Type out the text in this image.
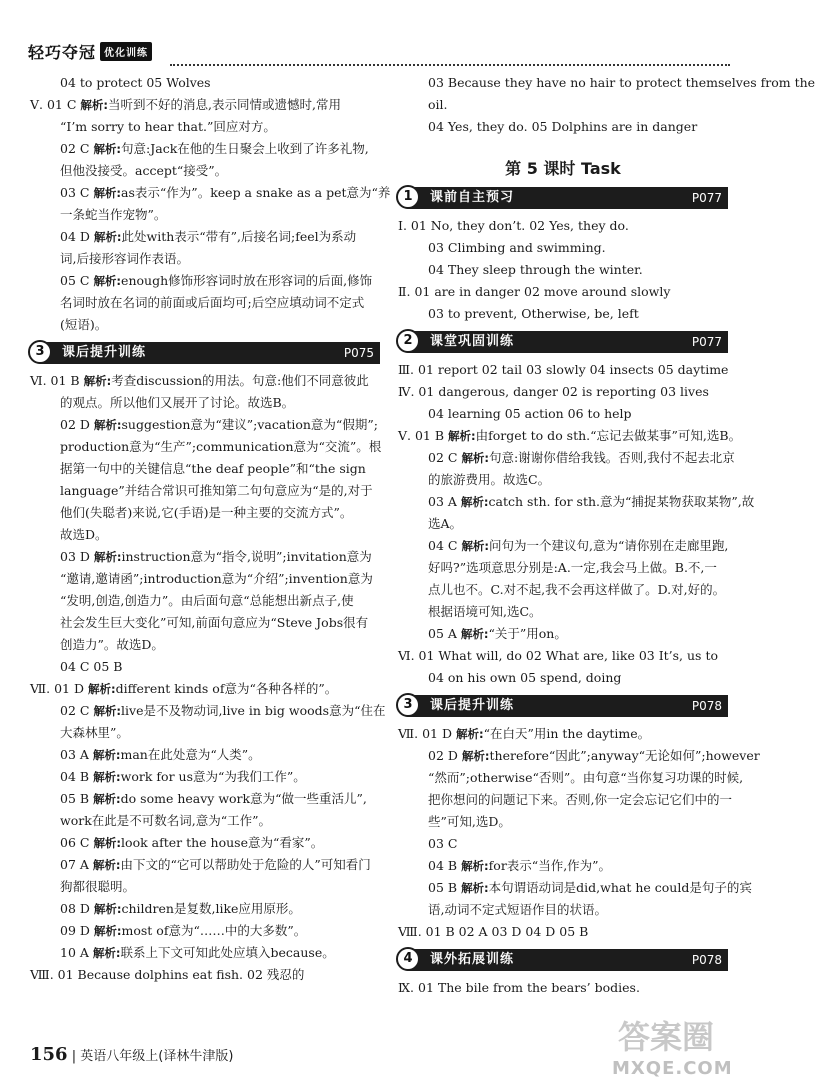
轻巧夺冠 优化训练
04 to protect 05 Wolves
Ⅴ. 01 C 解析:当听到不好的消息,表示同情或遗憾时,常用
“I’m sorry to hear that.”回应对方。
02 C 解析:句意:Jack在他的生日聚会上收到了许多礼物,
但他没接受。accept“接受”。
03 C 解析:as表示“作为”。keep a snake as a pet意为“养
一条蛇当作宠物”。
04 D 解析:此处with表示“带有”,后接名词;feel为系动
词,后接形容词作表语。
05 C 解析:enough修饰形容词时放在形容词的后面,修饰
名词时放在名词的前面或后面均可;后空应填动词不定式
(短语)。
3	课后提升训练	P075
Ⅵ. 01 B 解析:考查discussion的用法。句意:他们不同意彼此
的观点。所以他们又展开了讨论。故选B。
02 D 解析:suggestion意为“建议”;vacation意为“假期”;
production意为“生产”;communication意为“交流”。根
据第一句中的关键信息“the deaf people”和“the sign
language”并结合常识可推知第二句句意应为“是的,对于
他们(失聪者)来说,它(手语)是一种主要的交流方式”。
故选D。
03 D 解析:instruction意为“指令,说明”;invitation意为
“邀请,邀请函”;introduction意为“介绍”;invention意为
“发明,创造,创造力”。由后面句意“总能想出新点子,使
社会发生巨大变化”可知,前面句意应为“Steve Jobs很有
创造力”。故选D。
04 C 05 B
Ⅶ. 01 D 解析:different kinds of意为“各种各样的”。
02 C 解析:live是不及物动词,live in big woods意为“住在
大森林里”。
03 A 解析:man在此处意为“人类”。
04 B 解析:work for us意为“为我们工作”。
05 B 解析:do some heavy work意为“做一些重活儿”,
work在此是不可数名词,意为“工作”。
06 C 解析:look after the house意为“看家”。
07 A 解析:由下文的“它可以帮助处于危险的人”可知看门
狗都很聪明。
08 D 解析:children是复数,like应用原形。
09 D 解析:most of意为“……中的大多数”。
10 A 解析:联系上下文可知此处应填入because。
Ⅷ. 01 Because dolphins eat fish. 02 残忍的
03 Because they have no hair to protect themselves from the
oil.
04 Yes, they do. 05 Dolphins are in danger
第 5 课时 Task
1	课前自主预习	P077
Ⅰ. 01 No, they don’t. 02 Yes, they do.
03 Climbing and swimming.
04 They sleep through the winter.
Ⅱ. 01 are in danger 02 move around slowly
03 to prevent, Otherwise, be, left
2	课堂巩固训练	P077
Ⅲ. 01 report 02 tail 03 slowly 04 insects 05 daytime
Ⅳ. 01 dangerous, danger 02 is reporting 03 lives
04 learning 05 action 06 to help
Ⅴ. 01 B 解析:由forget to do sth.“忘记去做某事”可知,选B。
02 C 解析:句意:谢谢你借给我钱。否则,我付不起去北京
的旅游费用。故选C。
03 A 解析:catch sth. for sth.意为“捕捉某物获取某物”,故
选A。
04 C 解析:问句为一个建议句,意为“请你别在走廊里跑,
好吗?”选项意思分别是:A.一定,我会马上做。B.不,一
点儿也不。C.对不起,我不会再这样做了。D.对,好的。
根据语境可知,选C。
05 A 解析:“关于”用on。
Ⅵ. 01 What will, do 02 What are, like 03 It’s, us to
04 on his own 05 spend, doing
3	课后提升训练	P078
Ⅶ. 01 D 解析:“在白天”用in the daytime。
02 D 解析:therefore“因此”;anyway“无论如何”;however
“然而”;otherwise“否则”。由句意“当你复习功课的时候,
把你想问的问题记下来。否则,你一定会忘记它们中的一
些”可知,选D。
03 C
04 B 解析:for表示“当作,作为”。
05 B 解析:本句谓语动词是did,what he could是句子的宾
语,动词不定式短语作目的状语。
Ⅷ. 01 B 02 A 03 D 04 D 05 B
4	课外拓展训练	P078
Ⅸ. 01 The bile from the bears’ bodies.
156 | 英语八年级上(译林牛津版)
答案圈
MXQE.COM
